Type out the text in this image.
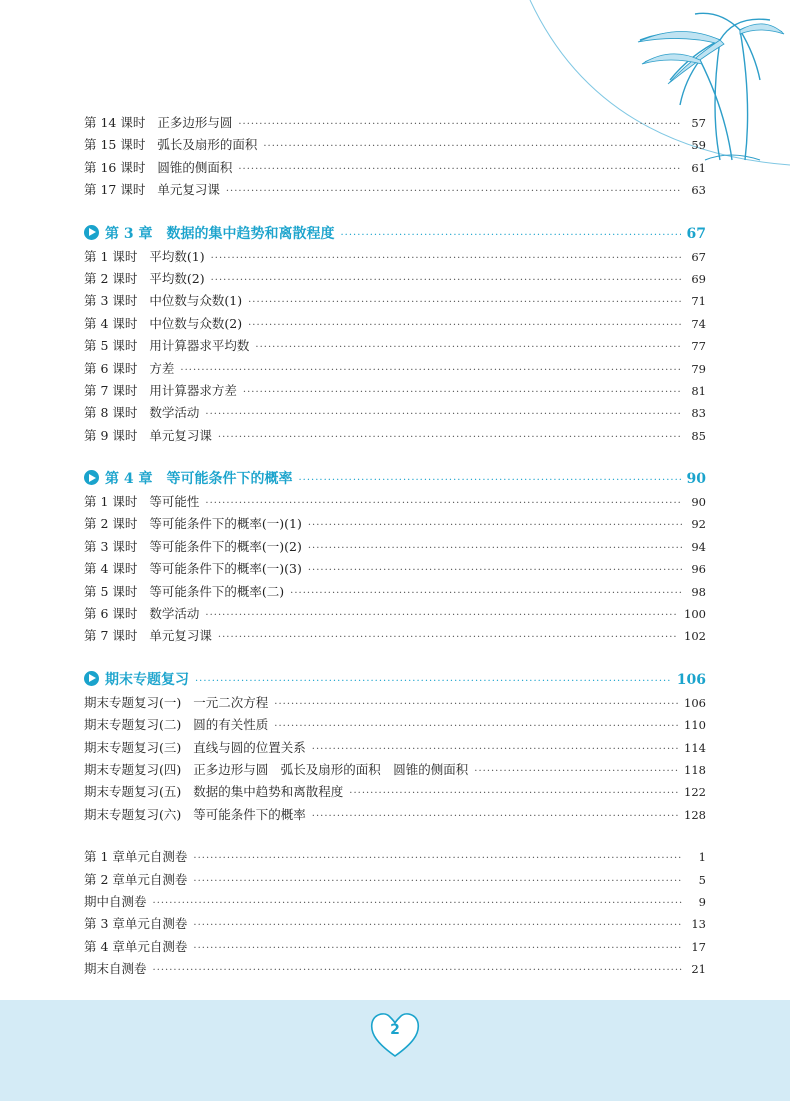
第 14 课时 正多边形与圆 ·····	57
第 15 课时 弧长及扇形的面积 ·····	59
第 16 课时 圆锥的侧面积 ·····	61
第 17 课时 单元复习课 ·····	63
第 3 章 数据的集中趋势和离散程度 ·····	67
第 1 课时 平均数(1) ·····	67
第 2 课时 平均数(2) ·····	69
第 3 课时 中位数与众数(1) ·····	71
第 4 课时 中位数与众数(2) ·····	74
第 5 课时 用计算器求平均数 ·····	77
第 6 课时 方差 ·····	79
第 7 课时 用计算器求方差 ·····	81
第 8 课时 数学活动 ·····	83
第 9 课时 单元复习课 ·····	85
第 4 章 等可能条件下的概率 ·····	90
第 1 课时 等可能性 ·····	90
第 2 课时 等可能条件下的概率(一)(1) ·····	92
第 3 课时 等可能条件下的概率(一)(2) ·····	94
第 4 课时 等可能条件下的概率(一)(3) ·····	96
第 5 课时 等可能条件下的概率(二) ·····	98
第 6 课时 数学活动 ·····	100
第 7 课时 单元复习课 ·····	102
期末专题复习 ·····	106
期末专题复习(一) 一元二次方程 ·····	106
期末专题复习(二) 圆的有关性质 ·····	110
期末专题复习(三) 直线与圆的位置关系 ·····	114
期末专题复习(四) 正多边形与圆　弧长及扇形的面积　圆锥的侧面积 ·····	118
期末专题复习(五) 数据的集中趋势和离散程度 ·····	122
期末专题复习(六) 等可能条件下的概率 ·····	128
第 1 章单元自测卷 ·····	1
第 2 章单元自测卷 ·····	5
期中自测卷 ·····	9
第 3 章单元自测卷 ·····	13
第 4 章单元自测卷 ·····	17
期末自测卷 ·····	21
2
